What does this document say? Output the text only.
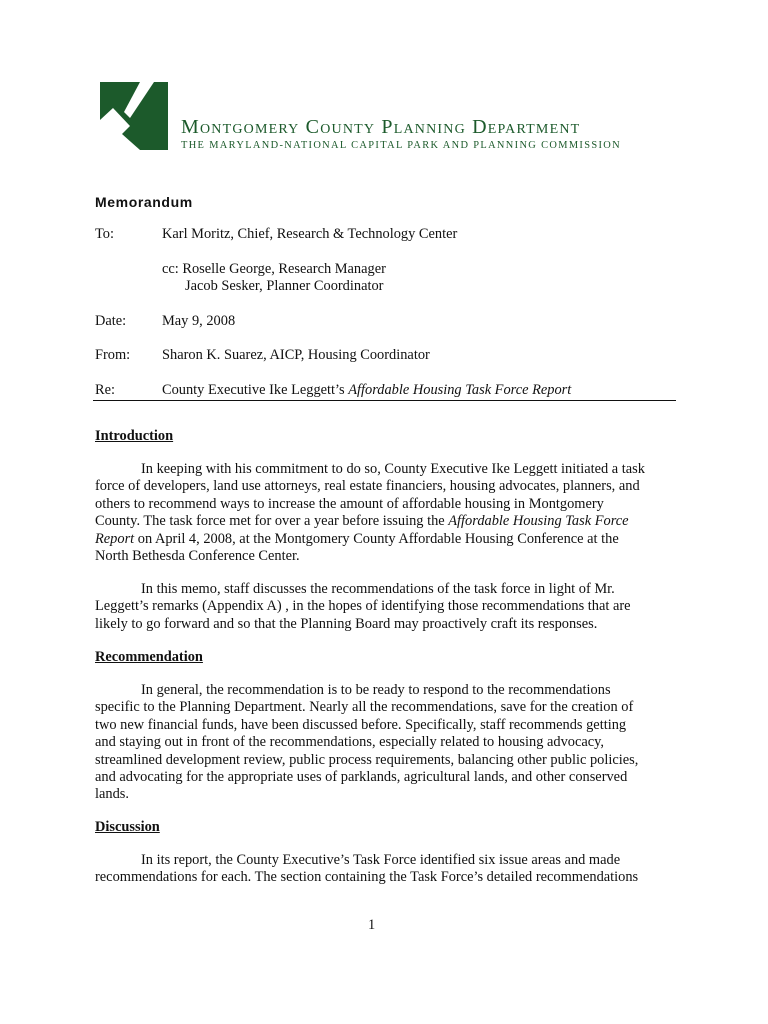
Montgomery County Planning Department
THE MARYLAND-NATIONAL CAPITAL PARK AND PLANNING COMMISSION
Memorandum
To:	Karl Moritz, Chief, Research & Technology Center
cc: Roselle George, Research Manager
Jacob Sesker, Planner Coordinator
Date: May 9, 2008
From: Sharon K. Suarez, AICP, Housing Coordinator
Re:	County Executive Ike Leggett’s Affordable Housing Task Force Report
Introduction
In keeping with his commitment to do so, County Executive Ike Leggett initiated a task
force of developers, land use attorneys, real estate financiers, housing advocates, planners, and
others to recommend ways to increase the amount of affordable housing in Montgomery
County. The task force met for over a year before issuing the Affordable Housing Task Force
Report on April 4, 2008, at the Montgomery County Affordable Housing Conference at the
North Bethesda Conference Center.
In this memo, staff discusses the recommendations of the task force in light of Mr.
Leggett’s remarks (Appendix A) , in the hopes of identifying those recommendations that are
likely to go forward and so that the Planning Board may proactively craft its responses.
Recommendation
In general, the recommendation is to be ready to respond to the recommendations
specific to the Planning Department. Nearly all the recommendations, save for the creation of
two new financial funds, have been discussed before. Specifically, staff recommends getting
and staying out in front of the recommendations, especially related to housing advocacy,
streamlined development review, public process requirements, balancing other public policies,
and advocating for the appropriate uses of parklands, agricultural lands, and other conserved
lands.
Discussion
In its report, the County Executive’s Task Force identified six issue areas and made
recommendations for each. The section containing the Task Force’s detailed recommendations
1
